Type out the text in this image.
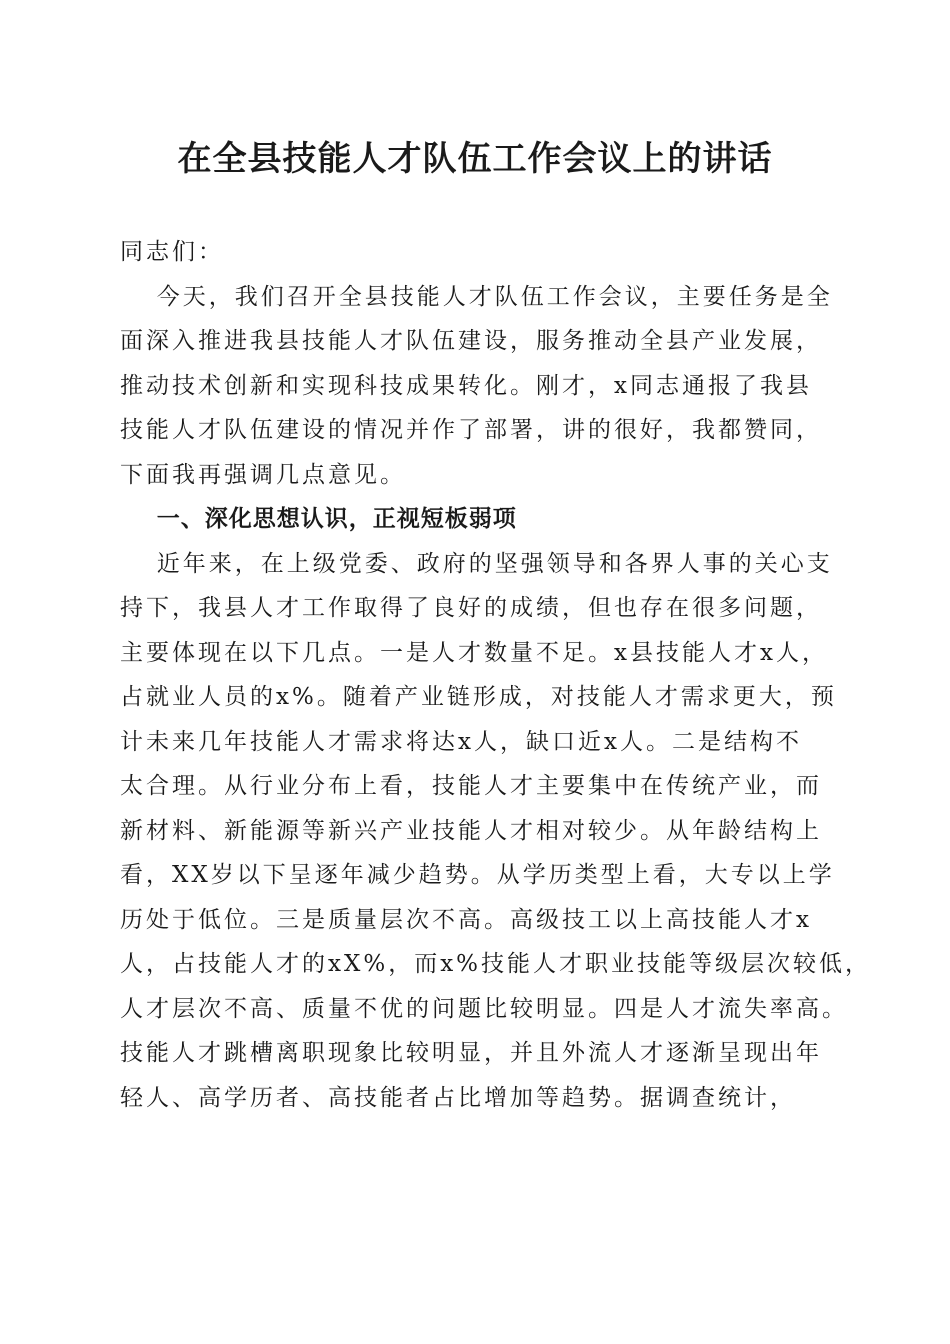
在全县技能人才队伍工作会议上的讲话

同志们：

今天，我们召开全县技能人才队伍工作会议，主要任务是全
面深入推进我县技能人才队伍建设，服务推动全县产业发展，
推动技术创新和实现科技成果转化。刚才，x同志通报了我县
技能人才队伍建设的情况并作了部署，讲的很好，我都赞同，
下面我再强调几点意见。

一、深化思想认识，正视短板弱项

近年来，在上级党委、政府的坚强领导和各界人事的关心支
持下，我县人才工作取得了良好的成绩，但也存在很多问题，
主要体现在以下几点。一是人才数量不足。x县技能人才x人，
占就业人员的x%。随着产业链形成，对技能人才需求更大，预
计未来几年技能人才需求将达x人，缺口近x人。二是结构不
太合理。从行业分布上看，技能人才主要集中在传统产业，而
新材料、新能源等新兴产业技能人才相对较少。从年龄结构上
看，XX岁以下呈逐年减少趋势。从学历类型上看，大专以上学
历处于低位。三是质量层次不高。高级技工以上高技能人才x
人，占技能人才的xX%，而x%技能人才职业技能等级层次较低，
人才层次不高、质量不优的问题比较明显。四是人才流失率高。
技能人才跳槽离职现象比较明显，并且外流人才逐渐呈现出年
轻人、高学历者、高技能者占比增加等趋势。据调查统计，
